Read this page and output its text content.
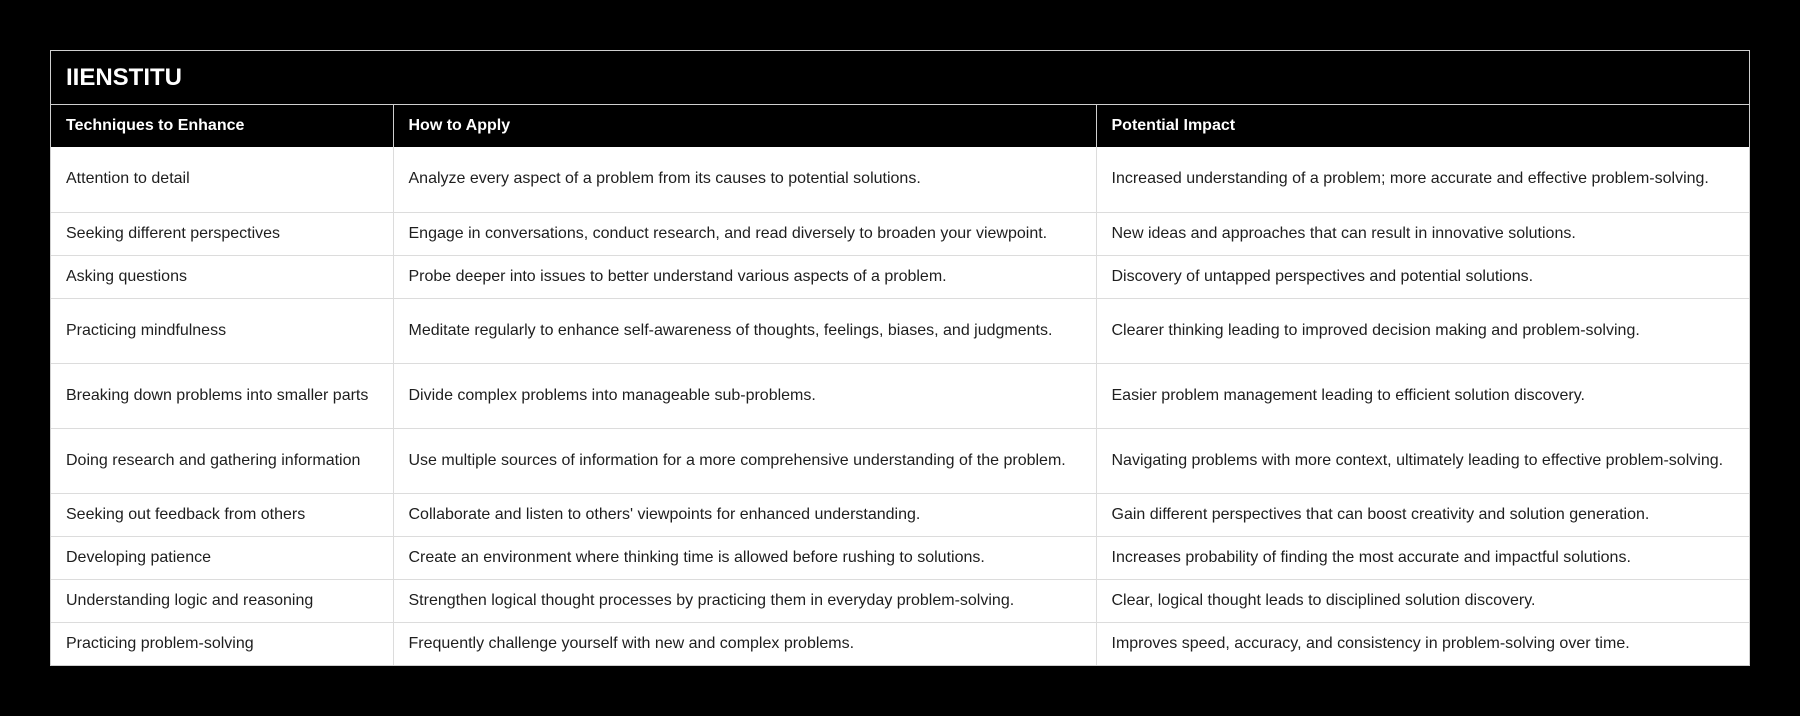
IIENSTITU
Techniques to Enhance	How to Apply	Potential Impact
Attention to detail	Analyze every aspect of a problem from its causes to potential solutions.	Increased understanding of a problem; more accurate and effective problem-solving.
Seeking different perspectives	Engage in conversations, conduct research, and read diversely to broaden your viewpoint.	New ideas and approaches that can result in innovative solutions.
Asking questions	Probe deeper into issues to better understand various aspects of a problem.	Discovery of untapped perspectives and potential solutions.
Practicing mindfulness	Meditate regularly to enhance self-awareness of thoughts, feelings, biases, and judgments.	Clearer thinking leading to improved decision making and problem-solving.
Breaking down problems into smaller parts	Divide complex problems into manageable sub-problems.	Easier problem management leading to efficient solution discovery.
Doing research and gathering information	Use multiple sources of information for a more comprehensive understanding of the problem.	Navigating problems with more context, ultimately leading to effective problem-solving.
Seeking out feedback from others	Collaborate and listen to others' viewpoints for enhanced understanding.	Gain different perspectives that can boost creativity and solution generation.
Developing patience	Create an environment where thinking time is allowed before rushing to solutions.	Increases probability of finding the most accurate and impactful solutions.
Understanding logic and reasoning	Strengthen logical thought processes by practicing them in everyday problem-solving.	Clear, logical thought leads to disciplined solution discovery.
Practicing problem-solving	Frequently challenge yourself with new and complex problems.	Improves speed, accuracy, and consistency in problem-solving over time.
